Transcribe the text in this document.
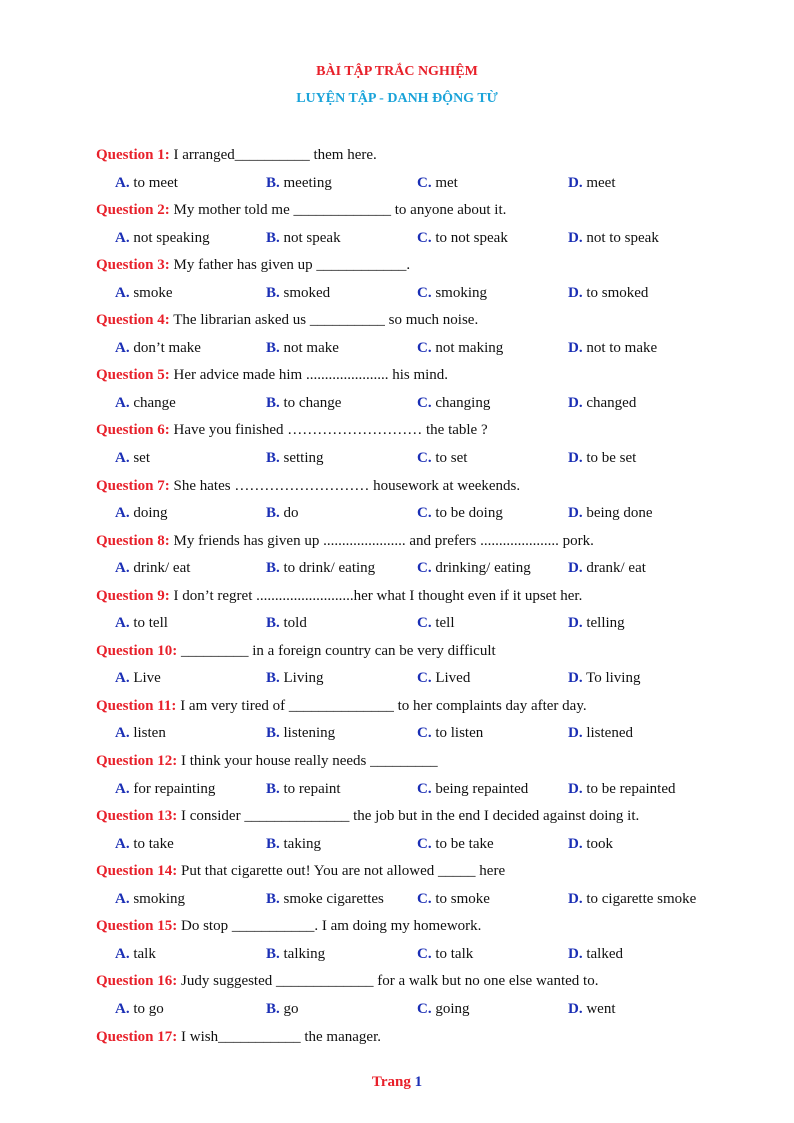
BÀI TẬP TRẮC NGHIỆM
LUYỆN TẬP - DANH ĐỘNG TỪ
Question 1: I arranged__________ them here.
A. to meet	B. meeting	C. met	D. meet
Question 2: My mother told me _____________ to anyone about it.
A. not speaking	B. not speak	C. to not speak	D. not to speak
Question 3: My father has given up ____________.
A. smoke	B. smoked	C. smoking	D. to smoked
Question 4: The librarian asked us __________ so much noise.
A. don’t make	B. not make	C. not making	D. not to make
Question 5: Her advice made him ...................... his mind.
A. change	B. to change	C. changing	D. changed
Question 6: Have you finished ……………………… the table ?
A. set	B. setting	C. to set	D. to be set
Question 7: She hates ……………………… housework at weekends.
A. doing	B. do	C. to be doing	D. being done
Question 8: My friends has given up ...................... and prefers ..................... pork.
A. drink/ eat	B. to drink/ eating	C. drinking/ eating D. drank/ eat
Question 9: I don’t regret ..........................her what I thought even if it upset her.
A. to tell	B. told	C. tell	D. telling
Question 10: _________ in a foreign country can be very difficult
A. Live	B. Living	C. Lived	D. To living
Question 11: I am very tired of ______________ to her complaints day after day.
A. listen	B. listening	C. to listen	D. listened
Question 12: I think your house really needs _________
A. for repainting	B. to repaint	C. being repainted	D. to be repainted
Question 13: I consider ______________ the job but in the end I decided against doing it.
A. to take	B. taking	C. to be take	D. took
Question 14: Put that cigarette out! You are not allowed _____ here
A. smoking	B. smoke cigarettes C. to smoke	D. to cigarette smoke
Question 15: Do stop ___________. I am doing my homework.
A. talk	B. talking	C. to talk	D. talked
Question 16: Judy suggested _____________ for a walk but no one else wanted to.
A. to go	B. go	C. going	D. went
Question 17: I wish___________ the manager.
Trang 1
